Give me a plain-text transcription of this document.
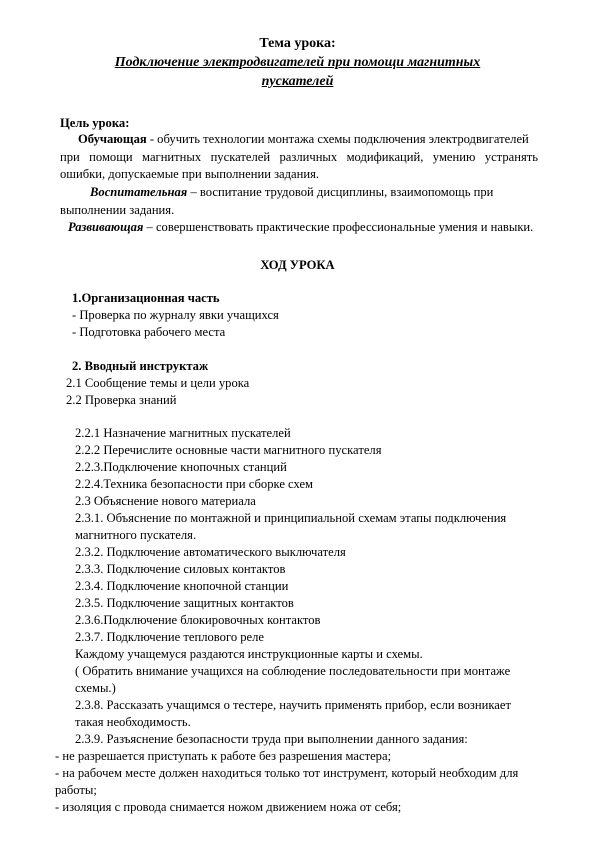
Тема урока:
Подключение электродвигателей при помощи магнитных
пускателей
Цель урока:
Обучающая - обучить технологии монтажа схемы подключения электродвигателей
при помощи магнитных пускателей различных модификаций, умению устранять
ошибки, допускаемые при выполнении задания.
Воспитательная – воспитание трудовой дисциплины, взаимопомощь при
выполнении задания.
Развивающая – совершенствовать практические профессиональные умения и навыки.
ХОД УРОКА
1.Организационная часть
- Проверка по журналу явки учащихся
- Подготовка рабочего места
2. Вводный инструктаж
2.1 Сообщение темы и цели урока
2.2 Проверка знаний
2.2.1 Назначение магнитных пускателей
2.2.2 Перечислите основные части магнитного пускателя
2.2.3.Подключение кнопочных станций
2.2.4.Техника безопасности при сборке схем
2.3 Объяснение нового материала
2.3.1. Объяснение по монтажной и принципиальной схемам этапы подключения
магнитного пускателя.
2.3.2. Подключение автоматического выключателя
2.3.3. Подключение силовых контактов
2.3.4. Подключение кнопочной станции
2.3.5. Подключение защитных контактов
2.3.6.Подключение блокировочных контактов
2.3.7. Подключение теплового реле
Каждому учащемуся раздаются инструкционные карты и схемы.
( Обратить внимание учащихся на соблюдение последовательности при монтаже
схемы.)
2.3.8. Рассказать учащимся о тестере, научить применять прибор, если возникает
такая необходимость.
2.3.9. Разъяснение безопасности труда при выполнении данного задания:
- не разрешается приступать к работе без разрешения мастера;
- на рабочем месте должен находиться только тот инструмент, который необходим для
работы;
- изоляция с провода снимается ножом движением ножа от себя;
